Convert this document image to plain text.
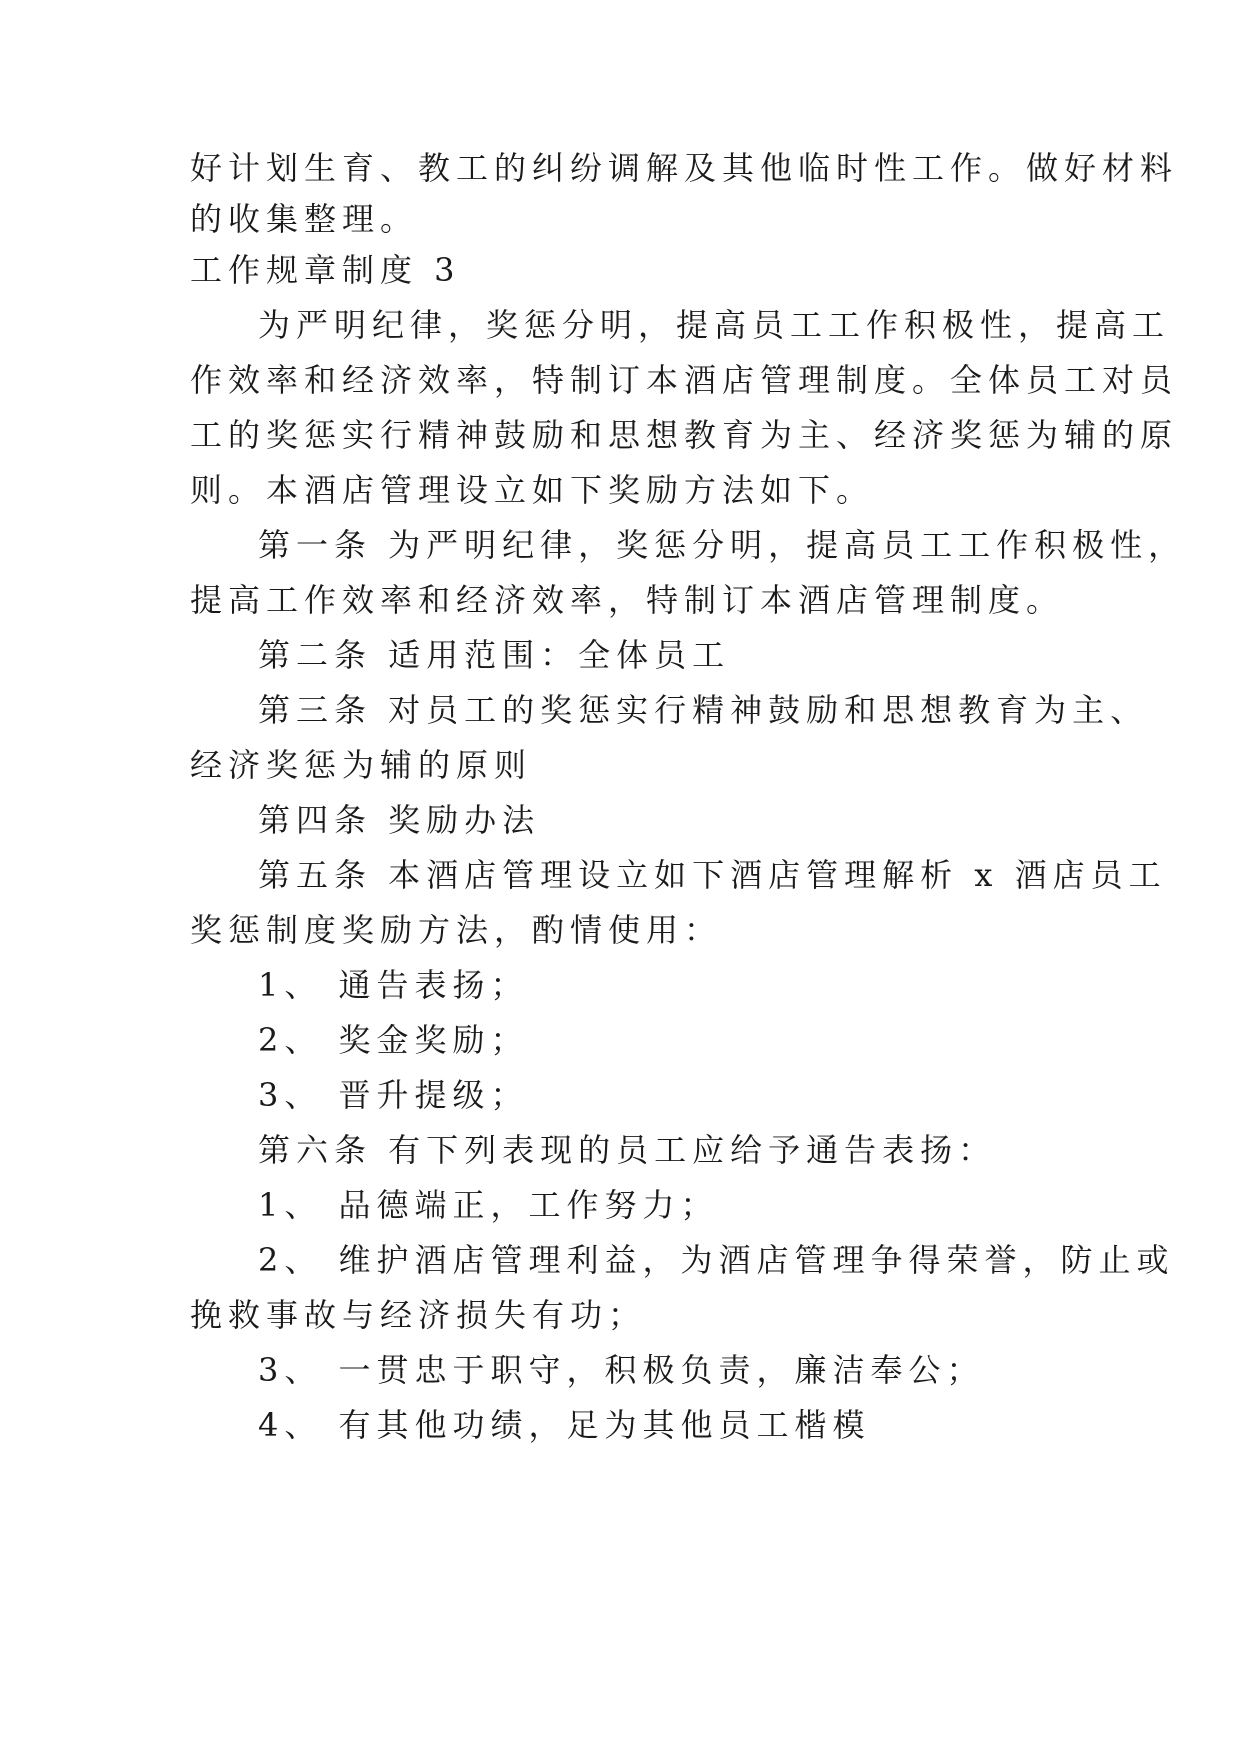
好计划生育、教工的纠纷调解及其他临时性工作。做好材料
的收集整理。
工作规章制度 3
为严明纪律，奖惩分明，提高员工工作积极性，提高工
作效率和经济效率，特制订本酒店管理制度。全体员工对员
工的奖惩实行精神鼓励和思想教育为主、经济奖惩为辅的原
则。本酒店管理设立如下奖励方法如下。
第一条 为严明纪律，奖惩分明，提高员工工作积极性，
提高工作效率和经济效率，特制订本酒店管理制度。
第二条 适用范围：全体员工
第三条 对员工的奖惩实行精神鼓励和思想教育为主、
经济奖惩为辅的原则
第四条 奖励办法
第五条 本酒店管理设立如下酒店管理解析 x 酒店员工
奖惩制度奖励方法，酌情使用：
1、 通告表扬；
2、 奖金奖励；
3、 晋升提级；
第六条 有下列表现的员工应给予通告表扬：
1、 品德端正，工作努力；
2、 维护酒店管理利益，为酒店管理争得荣誉，防止或
挽救事故与经济损失有功；
3、 一贯忠于职守，积极负责，廉洁奉公；
4、 有其他功绩，足为其他员工楷模
